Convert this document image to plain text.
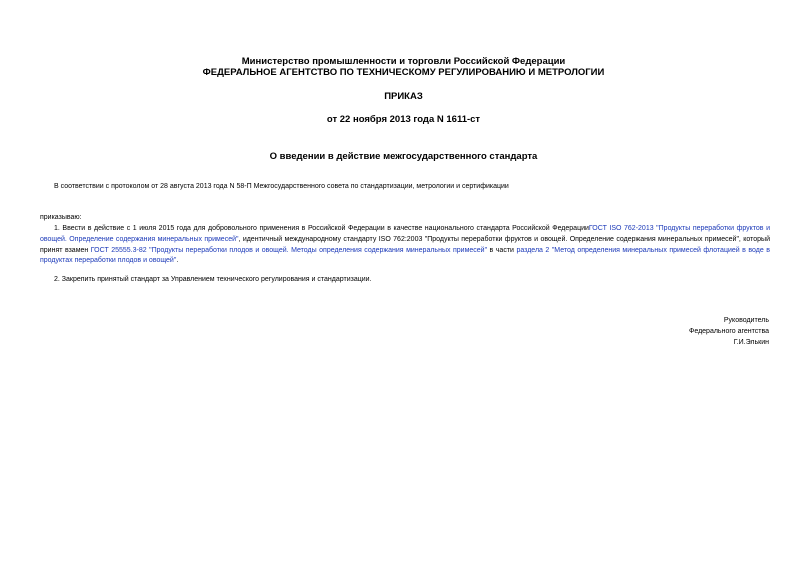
Министерство промышленности и торговли Российской Федерации
ФЕДЕРАЛЬНОЕ АГЕНТСТВО ПО ТЕХНИЧЕСКОМУ РЕГУЛИРОВАНИЮ И МЕТРОЛОГИИ
ПРИКАЗ
от 22 ноября 2013 года N 1611-ст
О введении в действие межгосударственного стандарта
В соответствии с протоколом от 28 августа 2013 года N 58-П Межгосударственного совета по стандартизации, метрологии и сертификации
приказываю:
1. Ввести в действие с 1 июля 2015 года для добровольного применения в Российской Федерации в качестве национального стандарта Российской ФедерацииГОСТ ISO 762-2013 "Продукты переработки фруктов и овощей. Определение содержания минеральных примесей", идентичный международному стандарту ISO 762:2003 "Продукты переработки фруктов и овощей. Определение содержания минеральных примесей", который принят взамен ГОСТ 25555.3-82 "Продукты переработки плодов и овощей. Методы определения содержания минеральных примесей" в части раздела 2 "Метод определения минеральных примесей флотацией в воде в продуктах переработки плодов и овощей".
2. Закрепить принятый стандарт за Управлением технического регулирования и стандартизации.
Руководитель
Федерального агентства
Г.И.Элькин
